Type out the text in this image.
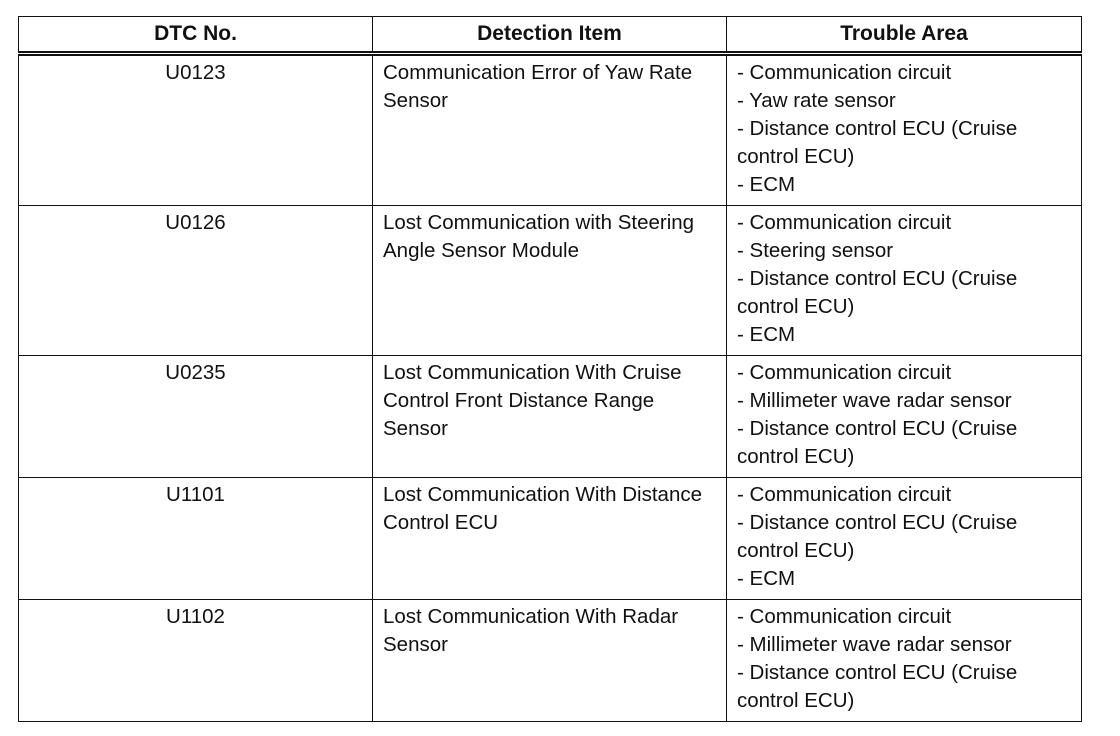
DTC No.	Detection Item	Trouble Area
U0123	Communication Error of Yaw Rate Sensor	- Communication circuit
- Yaw rate sensor
- Distance control ECU (Cruise control ECU)
- ECM

U0126	Lost Communication with Steering Angle Sensor Module	- Communication circuit
- Steering sensor
- Distance control ECU (Cruise control ECU)
- ECM

U0235	Lost Communication With Cruise Control Front Distance Range Sensor	- Communication circuit
- Millimeter wave radar sensor
- Distance control ECU (Cruise control ECU)

U1101	Lost Communication With Distance Control ECU	- Communication circuit
- Distance control ECU (Cruise control ECU)
- ECM

U1102	Lost Communication With Radar Sensor	- Communication circuit
- Millimeter wave radar sensor
- Distance control ECU (Cruise control ECU)
